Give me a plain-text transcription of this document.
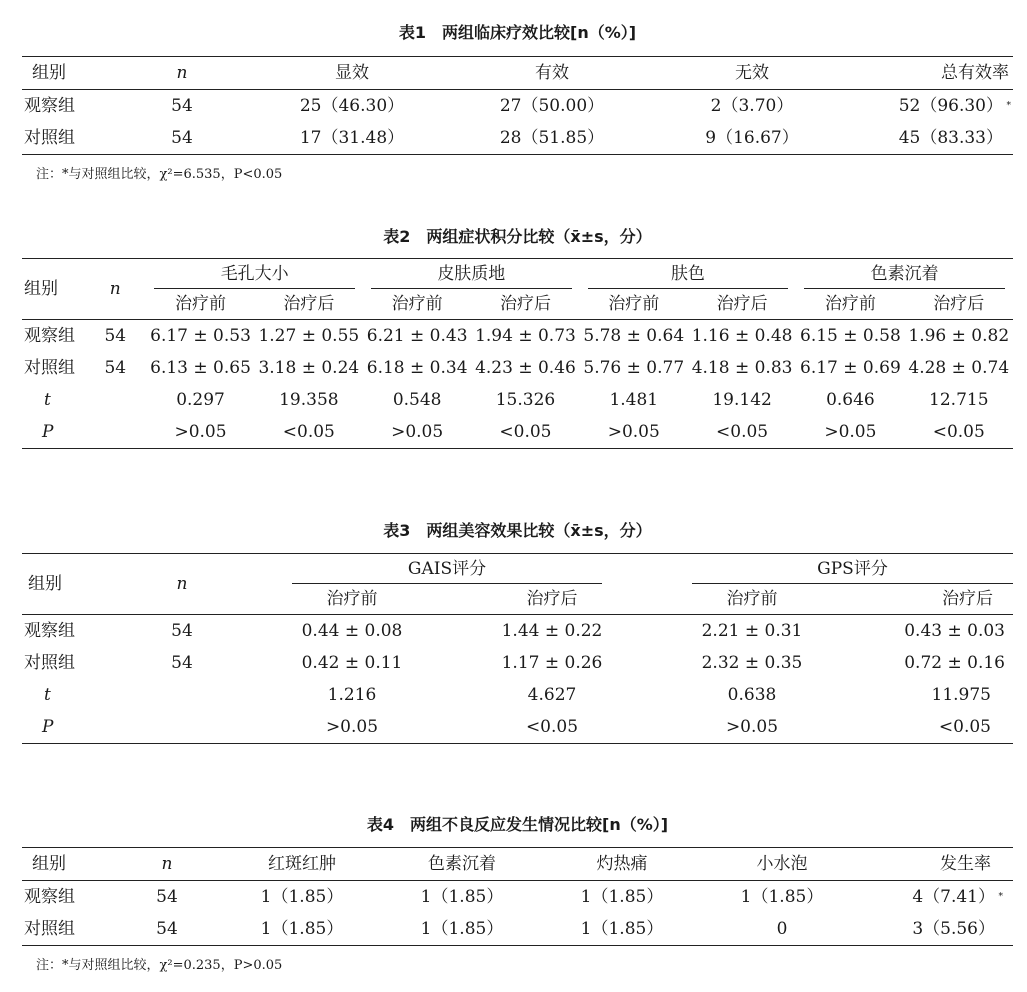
表1　两组临床疗效比较[n（%）]
组别	n	显效	有效	无效	总有效率
观察组	54	25（46.30）	27（50.00）	2（3.70）	52（96.30） *

对照组	54	17（31.48）	28（51.85）	9（16.67）	45（83.33）
注：*与对照组比较，χ²=6.535，P<0.05
表2　两组症状积分比较（x̄±s，分）
组别	n	毛孔大小		皮肤质地		肤色		色素沉着	

		治疗前	治疗后	治疗前	治疗后	治疗前	治疗后	治疗前	治疗后
观察组	54	6.17 ± 0.53	1.27 ± 0.55	6.21 ± 0.43	1.94 ± 0.73	5.78 ± 0.64	1.16 ± 0.48	6.15 ± 0.58	1.96 ± 0.82
对照组	54	6.13 ± 0.65	3.18 ± 0.24	6.18 ± 0.34	4.23 ± 0.46	5.76 ± 0.77	4.18 ± 0.83	6.17 ± 0.69	4.28 ± 0.74
t		0.297	19.358	0.548	15.326	1.481	19.142	0.646	12.715
P		>0.05	<0.05	>0.05	<0.05	>0.05	<0.05	>0.05	<0.05
表3　两组美容效果比较（x̄±s，分）
组别	n	GAIS评分		GPS评分	

		治疗前	治疗后	治疗前	治疗后
观察组	54	0.44 ± 0.08	1.44 ± 0.22	2.21 ± 0.31	0.43 ± 0.03
对照组	54	0.42 ± 0.11	1.17 ± 0.26	2.32 ± 0.35	0.72 ± 0.16
t		1.216	4.627	0.638	11.975
P		>0.05	<0.05	>0.05	<0.05
表4　两组不良反应发生情况比较[n（%）]
组别	n	红斑红肿	色素沉着	灼热痛	小水泡	发生率
观察组	54	1（1.85）	1（1.85）	1（1.85）	1（1.85）	4（7.41） *

对照组	54	1（1.85）	1（1.85）	1（1.85）	0	3（5.56）
注：*与对照组比较，χ²=0.235，P>0.05
